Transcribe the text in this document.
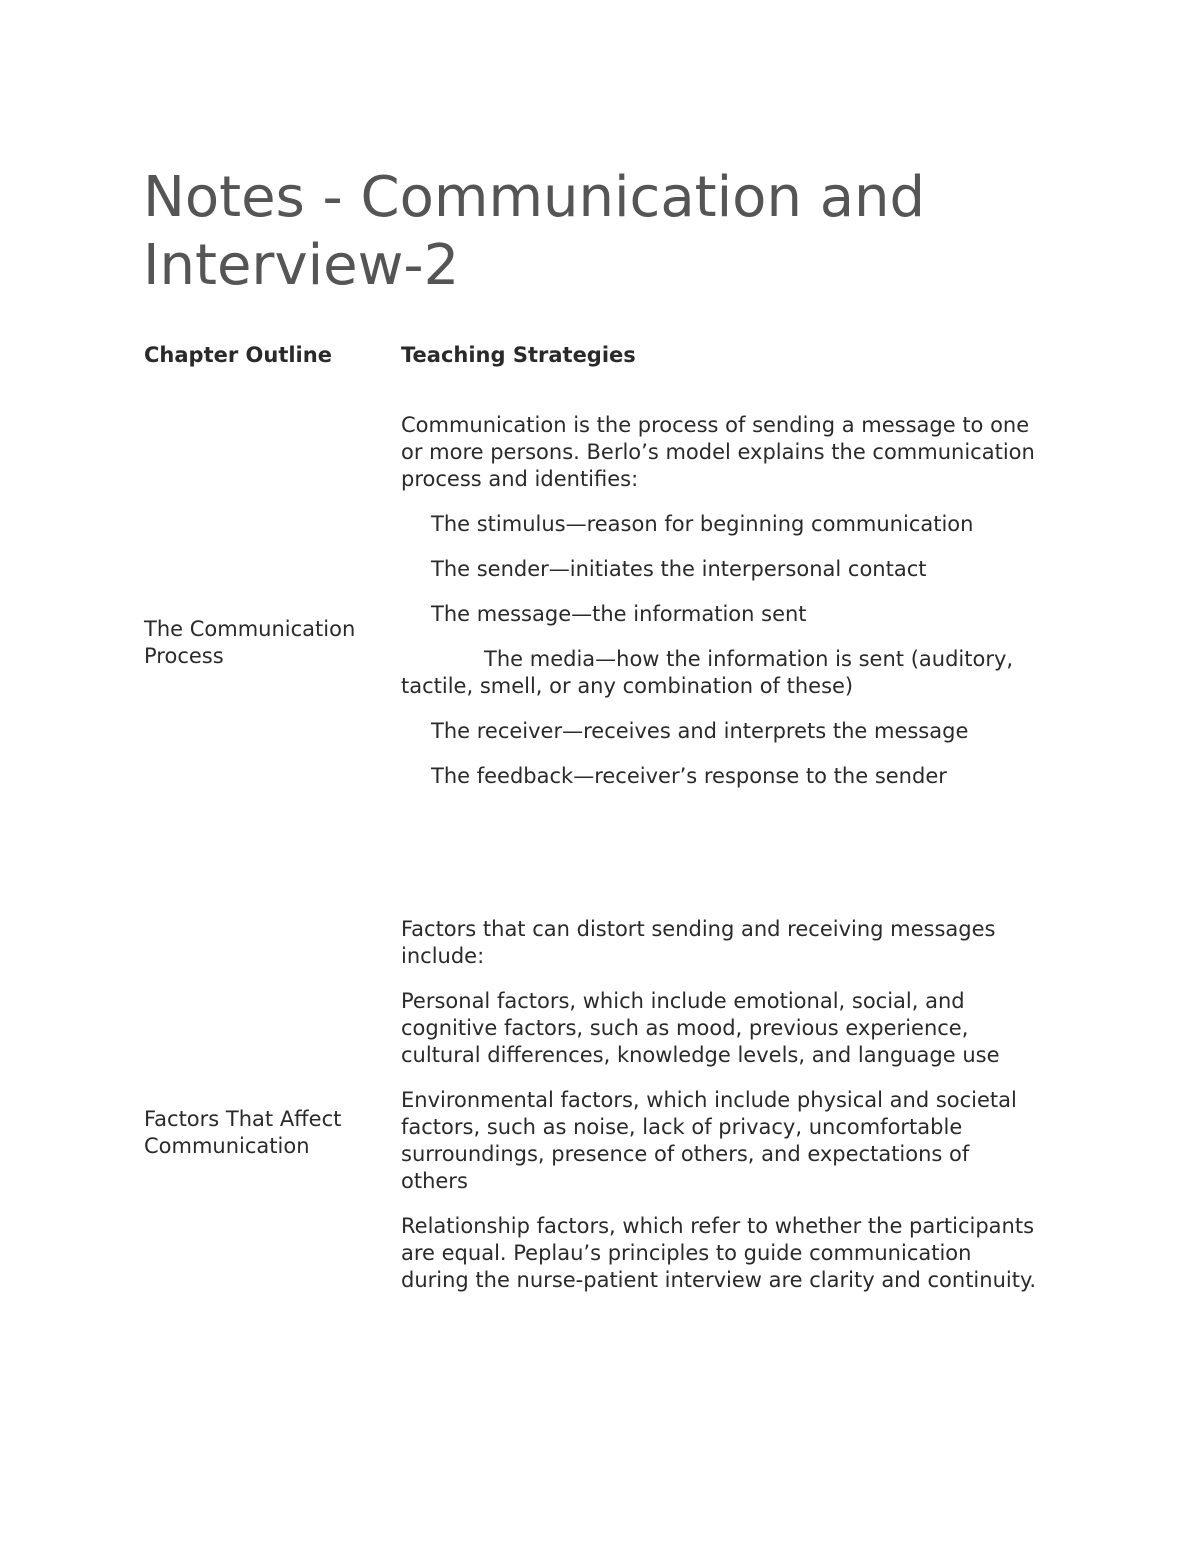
Notes - Communication and Interview-2
Chapter Outline	Teaching Strategies
The Communication Process

Communication is the process of sending a message to one or more persons. Berlo’s model explains the communication process and identifies:

The stimulus—reason for beginning communication

The sender—initiates the interpersonal contact

The message—the information sent

The media—how the information is sent (auditory,tactile, smell, or any combination of these)

The receiver—receives and interprets the message

The feedback—receiver’s response to the sender

Factors That Affect Communication

Factors that can distort sending and receiving messages include:

Personal factors, which include emotional, social, and cognitive factors, such as mood, previous experience, cultural differences, knowledge levels, and language use

Environmental factors, which include physical and societal factors, such as noise, lack of privacy, uncomfortable surroundings, presence of others, and expectations of others

Relationship factors, which refer to whether the participants are equal. Peplau’s principles to guide communication during the nurse-patient interview are clarity and continuity.
